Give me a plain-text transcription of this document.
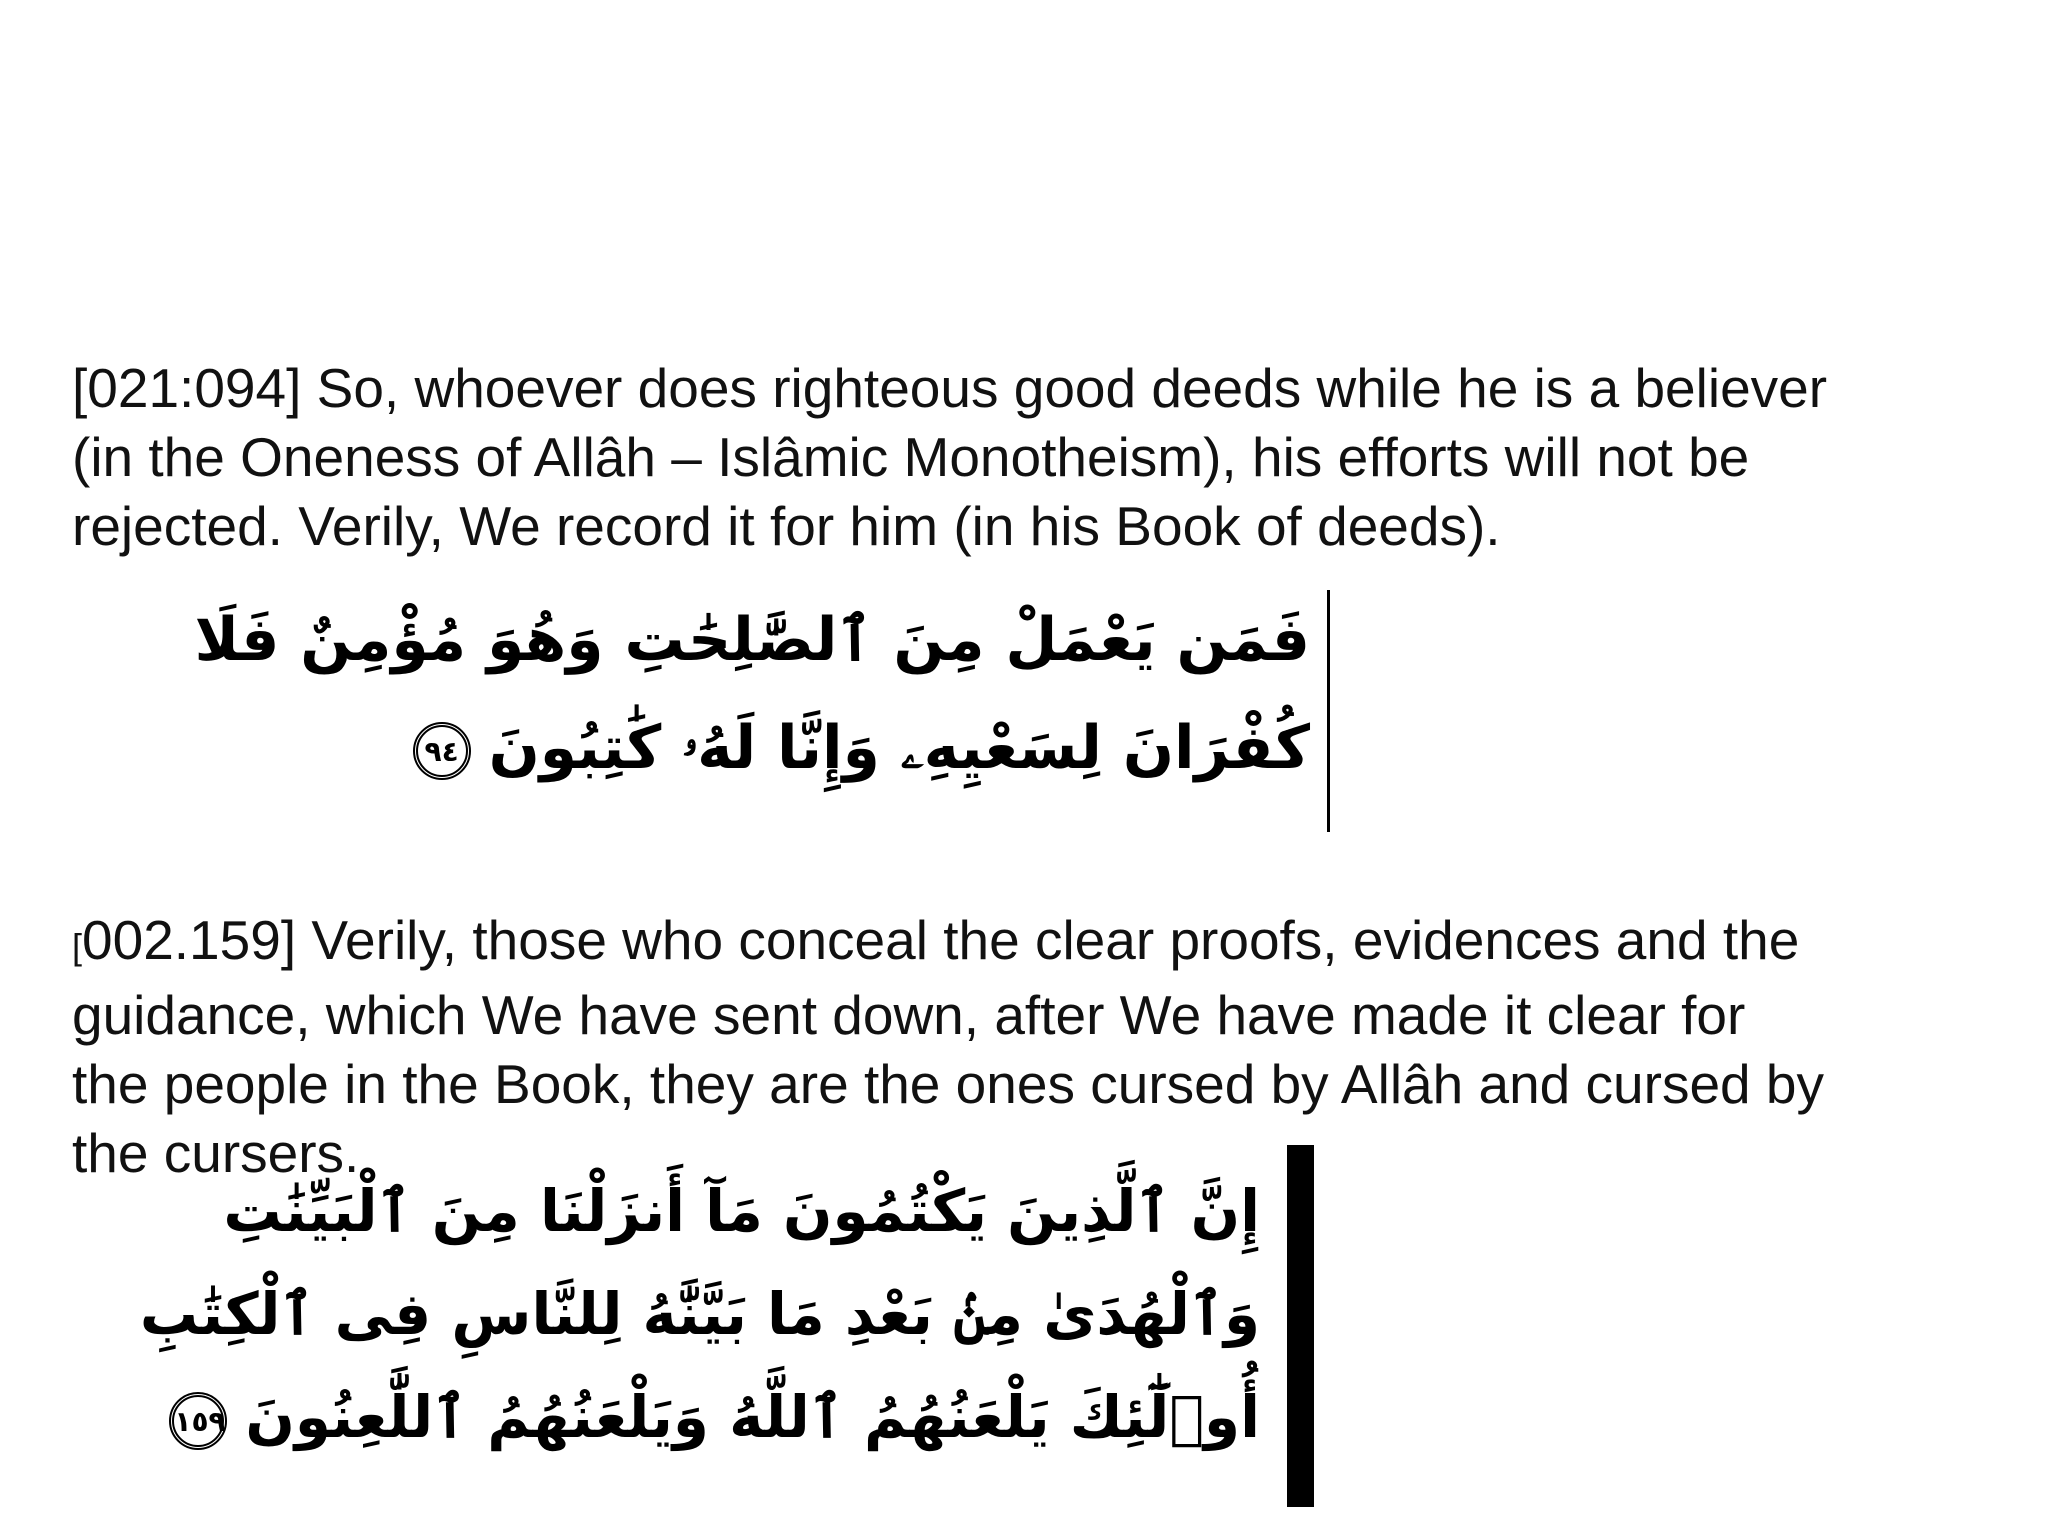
[021:094] So, whoever does righteous good deeds while he is a believer
(in the Oneness of Allâh – Islâmic Monotheism), his efforts will not be
rejected. Verily, We record it for him (in his Book of deeds).

فَمَن يَعْمَلْ مِنَ ٱلصَّٰلِحَٰتِ وَهُوَ مُؤْمِنٌ فَلَا
كُفْرَانَ لِسَعْيِهِۦ وَإِنَّا لَهُۥ كَٰتِبُونَ٩٤

[002.159] Verily, those who conceal the clear proofs, evidences and the
guidance, which We have sent down, after We have made it clear for
the people in the Book, they are the ones cursed by Allâh and cursed by
the cursers.

إِنَّ ٱلَّذِينَ يَكْتُمُونَ مَآ أَنزَلْنَا مِنَ ٱلْبَيِّنَٰتِ
وَٱلْهُدَىٰ مِنۢ بَعْدِ مَا بَيَّنَّٰهُ لِلنَّاسِ فِى ٱلْكِتَٰبِ
أُو۟لَٰٓئِكَ يَلْعَنُهُمُ ٱللَّهُ وَيَلْعَنُهُمُ ٱللَّٰعِنُونَ١٥٩
